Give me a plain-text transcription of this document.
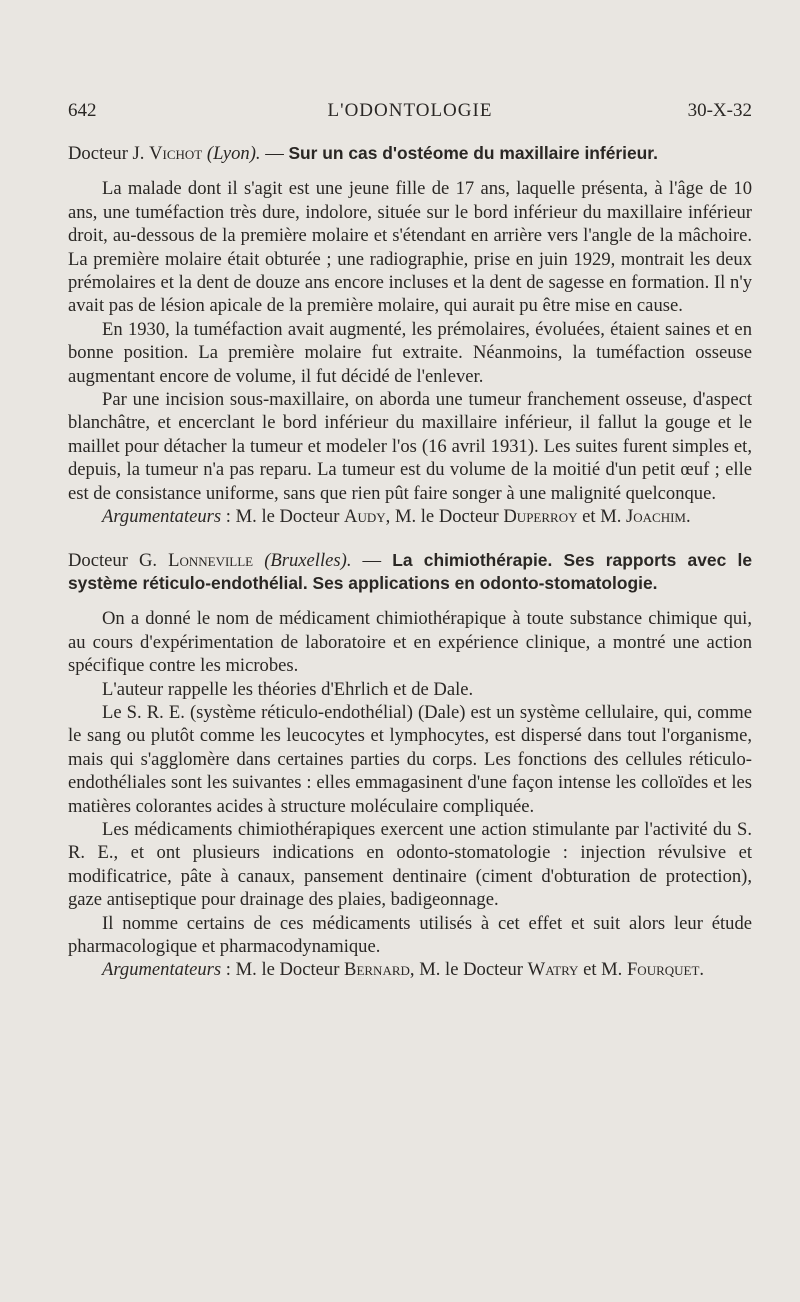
642	L'ODONTOLOGIE	30-X-32
Docteur J. Vichot (Lyon). — Sur un cas d'ostéome du maxillaire inférieur.

La malade dont il s'agit est une jeune fille de 17 ans, laquelle présenta, à l'âge de 10 ans, une tuméfaction très dure, indolore, située sur le bord inférieur du maxillaire inférieur droit, au-dessous de la première molaire et s'étendant en arrière vers l'angle de la mâchoire. La première molaire était obturée ; une radiographie, prise en juin 1929, montrait les deux prémolaires et la dent de douze ans encore incluses et la dent de sagesse en formation. Il n'y avait pas de lésion apicale de la première molaire, qui aurait pu être mise en cause.

En 1930, la tuméfaction avait augmenté, les prémolaires, évoluées, étaient saines et en bonne position. La première molaire fut extraite. Néanmoins, la tuméfaction osseuse augmentant encore de volume, il fut décidé de l'enlever.

Par une incision sous-maxillaire, on aborda une tumeur franchement osseuse, d'aspect blanchâtre, et encerclant le bord inférieur du maxillaire inférieur, il fallut la gouge et le maillet pour détacher la tumeur et modeler l'os (16 avril 1931). Les suites furent simples et, depuis, la tumeur n'a pas reparu. La tumeur est du volume de la moitié d'un petit œuf ; elle est de consistance uniforme, sans que rien pût faire songer à une malignité quelconque.

Argumentateurs : M. le Docteur Audy, M. le Docteur Duperroy et M. Joachim.

Docteur G. Lonneville (Bruxelles). — La chimiothérapie. Ses rapports avec le système réticulo-endothélial. Ses applications en odonto-stomatologie.

On a donné le nom de médicament chimiothérapique à toute substance chimique qui, au cours d'expérimentation de laboratoire et en expérience clinique, a montré une action spécifique contre les microbes.

L'auteur rappelle les théories d'Ehrlich et de Dale.

Le S. R. E. (système réticulo-endothélial) (Dale) est un système cellulaire, qui, comme le sang ou plutôt comme les leucocytes et lymphocytes, est dispersé dans tout l'organisme, mais qui s'agglomère dans certaines parties du corps. Les fonctions des cellules réticulo-endothéliales sont les suivantes : elles emmagasinent d'une façon intense les colloïdes et les matières colorantes acides à structure moléculaire compliquée.

Les médicaments chimiothérapiques exercent une action stimulante par l'activité du S. R. E., et ont plusieurs indications en odonto-stomatologie : injection révulsive et modificatrice, pâte à canaux, pansement dentinaire (ciment d'obturation de protection), gaze antiseptique pour drainage des plaies, badigeonnage.

Il nomme certains de ces médicaments utilisés à cet effet et suit alors leur étude pharmacologique et pharmacodynamique.

Argumentateurs : M. le Docteur Bernard, M. le Docteur Watry et M. Fourquet.
